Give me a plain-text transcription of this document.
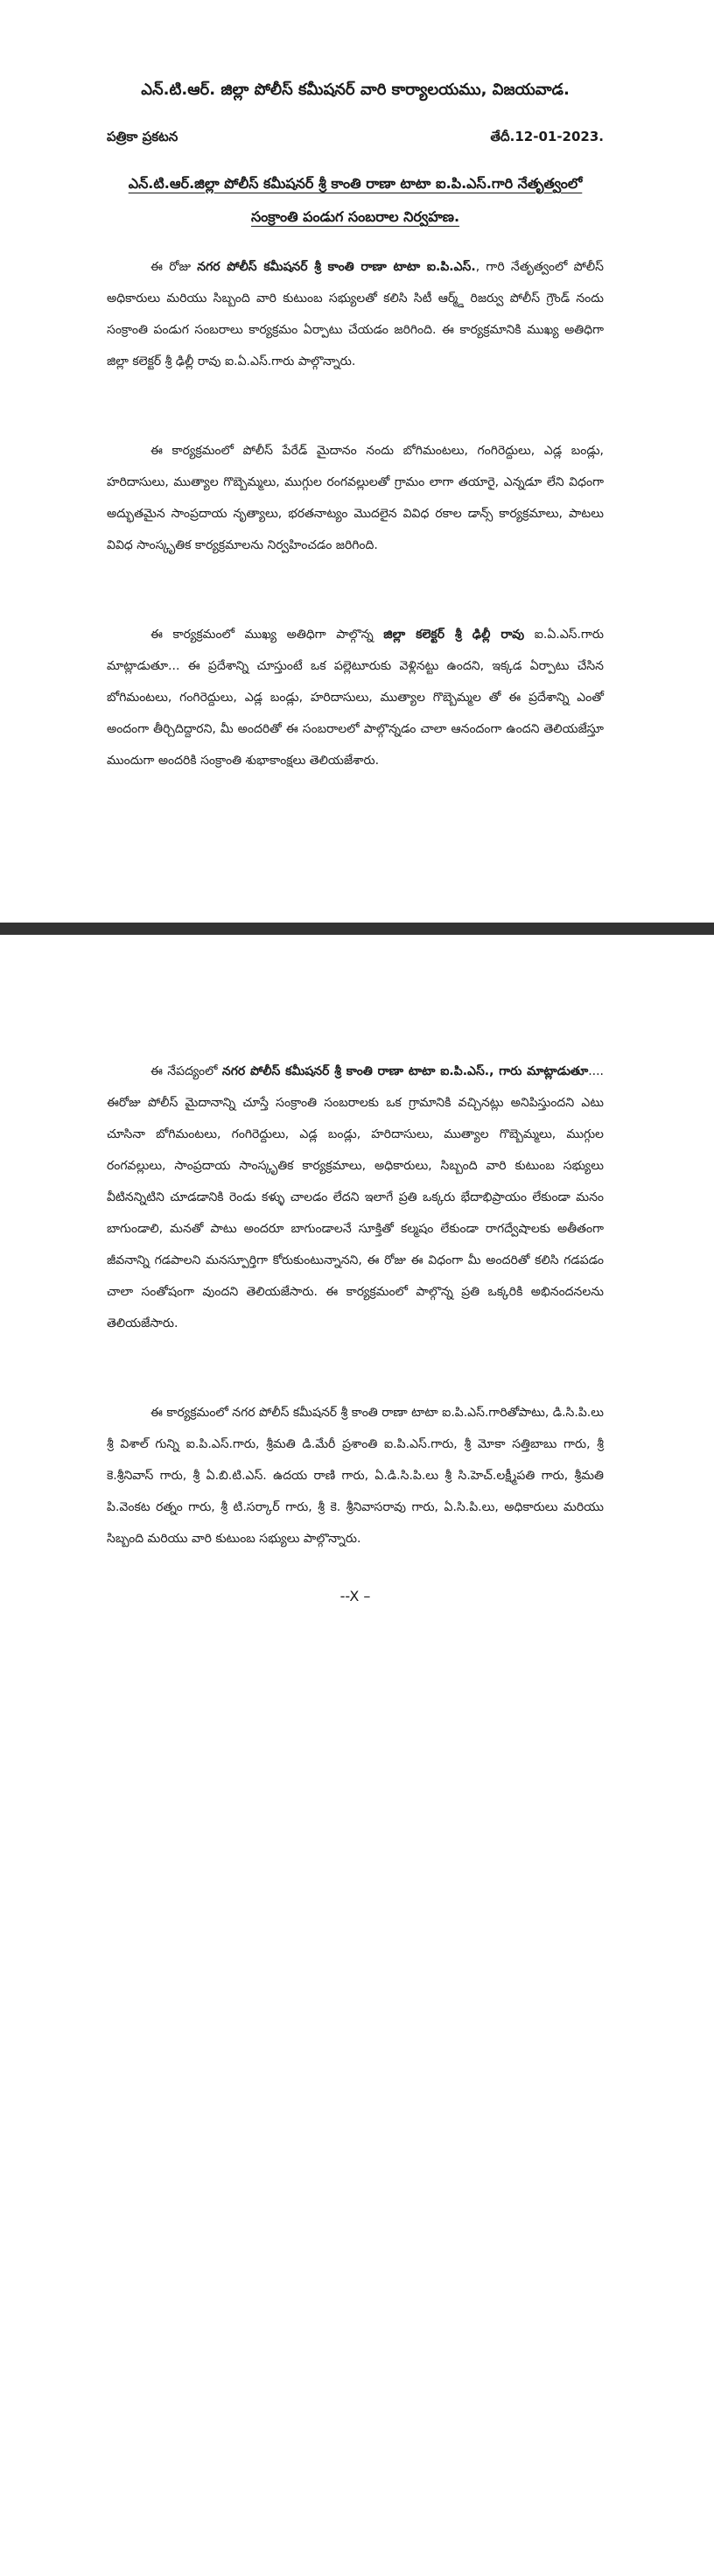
ఎన్.టి.ఆర్. జిల్లా పోలీస్ కమీషనర్ వారి కార్యాలయము, విజయవాడ.
పత్రికా ప్రకటన	తేదీ.12-01-2023.
ఎన్.టి.ఆర్.జిల్లా పోలీస్ కమీషనర్ శ్రీ కాంతి రాణా టాటా ఐ.పి.ఎస్.గారి నేతృత్వంలో
సంక్రాంతి పండుగ సంబరాల నిర్వహణ.

ఈ రోజు నగర పోలీస్ కమీషనర్ శ్రీ కాంతి రాణా టాటా ఐ.పి.ఎస్., గారి నేతృత్వంలో పోలీస్ అధికారులు మరియు సిబ్బంది వారి కుటుంబ సభ్యులతో కలిసి సిటీ ఆర్మ్డ్ రిజర్వు పోలీస్ గ్రౌండ్ నందు సంక్రాంతి పండుగ సంబరాలు కార్యక్రమం ఏర్పాటు చేయడం జరిగింది. ఈ కార్యక్రమానికి ముఖ్య అతిధిగా జిల్లా కలెక్టర్ శ్రీ ఢిల్లీ రావు ఐ.ఏ.ఎస్.గారు పాల్గొన్నారు.

ఈ కార్యక్రమంలో పోలీస్ పేరేడ్ మైదానం నందు బోగిమంటలు, గంగిరెద్దులు, ఎడ్ల బండ్లు, హరిదాసులు, ముత్యాల గొబ్బెమ్మలు, ముగ్గుల రంగవల్లులతో గ్రామం లాగా తయారై, ఎన్నడూ లేని విధంగా అద్భుతమైన సాంప్రదాయ నృత్యాలు, భరతనాట్యం మొదలైన వివిధ రకాల డాన్స్ కార్యక్రమాలు, పాటలు వివిధ సాంస్కృతిక కార్యక్రమాలను నిర్వహించడం జరిగింది.

ఈ కార్యక్రమంలో ముఖ్య అతిధిగా పాల్గొన్న జిల్లా కలెక్టర్ శ్రీ ఢిల్లీ రావు ఐ.ఏ.ఎస్.గారు మాట్లాడుతూ... ఈ ప్రదేశాన్ని చూస్తుంటే ఒక పల్లెటూరుకు వెళ్లినట్టు ఉందని, ఇక్కడ ఏర్పాటు చేసిన బోగిమంటలు, గంగిరెద్దులు, ఎడ్ల బండ్లు, హరిదాసులు, ముత్యాల గొబ్బెమ్మల తో ఈ ప్రదేశాన్ని ఎంతో అందంగా తీర్చిదిద్దారని, మీ అందరితో ఈ సంబరాలలో పాల్గొన్నడం చాలా ఆనందంగా ఉందని తెలియజేస్తూ ముందుగా అందరికి సంక్రాంతి శుభాకాంక్షలు తెలియజేశారు.

ఈ నేపద్యంలో నగర పోలీస్ కమీషనర్ శ్రీ కాంతి రాణా టాటా ఐ.పి.ఎస్., గారు మాట్లాడుతూ.... ఈరోజు పోలీస్ మైదానాన్ని చూస్తే సంక్రాంతి సంబరాలకు ఒక గ్రామానికి వచ్చినట్లు అనిపిస్తుందని ఎటు చూసినా బోగిమంటలు, గంగిరెద్దులు, ఎడ్ల బండ్లు, హరిదాసులు, ముత్యాల గొబ్బెమ్మలు, ముగ్గుల రంగవల్లులు, సాంప్రదాయ సాంస్కృతిక కార్యక్రమాలు, అధికారులు, సిబ్బంది వారి కుటుంబ సభ్యులు వీటినన్నిటిని చూడడానికి రెండు కళ్ళు చాలడం లేదని ఇలాగే ప్రతి ఒక్కరు భేదాభిప్రాయం లేకుండా మనం బాగుండాలి, మనతో పాటు అందరూ బాగుండాలనే సూక్తితో కల్మషం లేకుండా రాగద్వేషాలకు అతీతంగా జీవనాన్ని గడపాలని మనస్పూర్తిగా కోరుకుంటున్నానని, ఈ రోజు ఈ విధంగా మీ అందరితో కలిసి గడపడం చాలా సంతోషంగా వుందని తెలియజేసారు. ఈ కార్యక్రమంలో పాల్గొన్న ప్రతి ఒక్కరికి అభినందనలను తెలియజేసారు.

ఈ కార్యక్రమంలో నగర పోలీస్ కమీషనర్ శ్రీ కాంతి రాణా టాటా ఐ.పి.ఎస్.గారితోపాటు, డి.సి.పి.లు శ్రీ విశాల్ గున్ని ఐ.పి.ఎస్.గారు, శ్రీమతి డి.మేరీ ప్రశాంతి ఐ.పి.ఎస్.గారు, శ్రీ మోకా సత్తిబాబు గారు, శ్రీ కె.శ్రీనివాస్ గారు, శ్రీ ఏ.బి.టి.ఎస్. ఉదయ రాణి గారు, ఏ.డి.సి.పి.లు శ్రీ సి.హెచ్.లక్ష్మీపతి గారు, శ్రీమతి పి.వెంకట రత్నం గారు, శ్రీ టి.సర్కార్ గారు, శ్రీ కె. శ్రీనివాసరావు గారు, ఏ.సి.పి.లు, అధికారులు మరియు సిబ్బంది మరియు వారి కుటుంబ సభ్యులు పాల్గొన్నారు.

--X –
